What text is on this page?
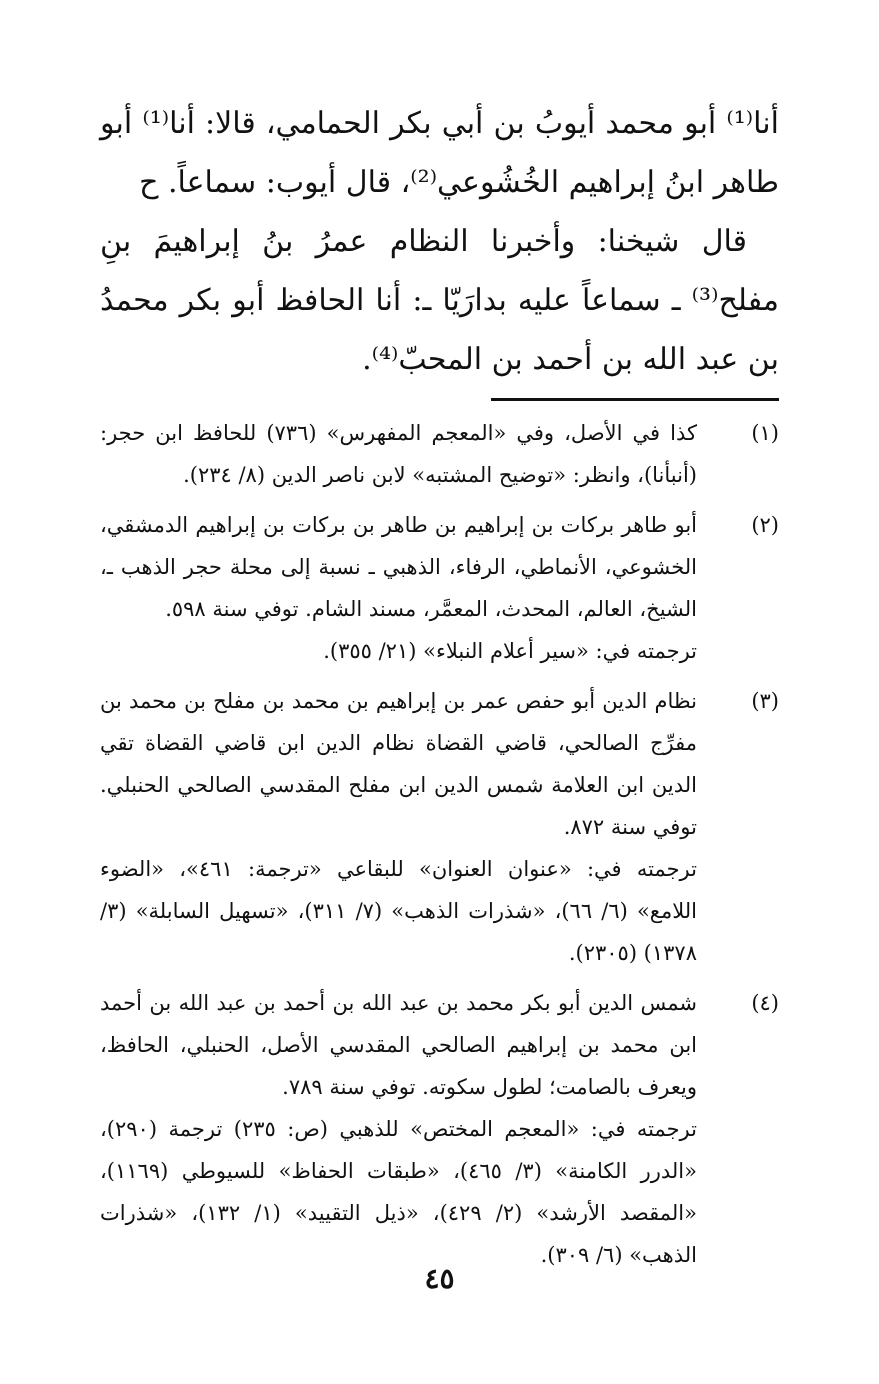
أنا⁽¹⁾ أبو محمد أيوبُ بن أبي بكر الحمامي، قالا: أنا⁽¹⁾ أبو طاهر ابنُ إبراهيم الخُشُوعي⁽²⁾، قال أيوب: سماعاً. ح

قال شيخنا: وأخبرنا النظام عمرُ بنُ إبراهيمَ بنِ مفلح⁽³⁾ ـ سماعاً عليه بدارَيّا ـ: أنا الحافظ أبو بكر محمدُ بن عبد الله بن أحمد بن المحبّ⁽⁴⁾.

(١)

كذا في الأصل، وفي «المعجم المفهرس» (٧٣٦) للحافظ ابن حجر: (أنبأنا)، وانظر: «توضيح المشتبه» لابن ناصر الدين (٨/ ٢٣٤).

(٢)

أبو طاهر بركات بن إبراهيم بن طاهر بن بركات بن إبراهيم الدمشقي، الخشوعي، الأنماطي، الرفاء، الذهبي ـ نسبة إلى محلة حجر الذهب ـ، الشيخ، العالم، المحدث، المعمَّر، مسند الشام. توفي سنة ٥٩٨.

ترجمته في: «سير أعلام النبلاء» (٢١/ ٣٥٥).

(٣)

نظام الدين أبو حفص عمر بن إبراهيم بن محمد بن مفلح بن محمد بن مفرِّج الصالحي، قاضي القضاة نظام الدين ابن قاضي القضاة تقي الدين ابن العلامة شمس الدين ابن مفلح المقدسي الصالحي الحنبلي. توفي سنة ٨٧٢.

ترجمته في: «عنوان العنوان» للبقاعي «ترجمة: ٤٦١»، «الضوء اللامع» (٦/ ٦٦)، «شذرات الذهب» (٧/ ٣١١)، «تسهيل السابلة» (٣/ ١٣٧٨) (٢٣٠٥).

(٤)

شمس الدين أبو بكر محمد بن عبد الله بن أحمد بن عبد الله بن أحمد ابن محمد بن إبراهيم الصالحي المقدسي الأصل، الحنبلي، الحافظ، ويعرف بالصامت؛ لطول سكوته. توفي سنة ٧٨٩.

ترجمته في: «المعجم المختص» للذهبي (ص: ٢٣٥) ترجمة (٢٩٠)، «الدرر الكامنة» (٣/ ٤٦٥)، «طبقات الحفاظ» للسيوطي (١١٦٩)، «المقصد الأرشد» (٢/ ٤٢٩)، «ذيل التقييد» (١/ ١٣٢)، «شذرات الذهب» (٦/ ٣٠٩).

٤٥
